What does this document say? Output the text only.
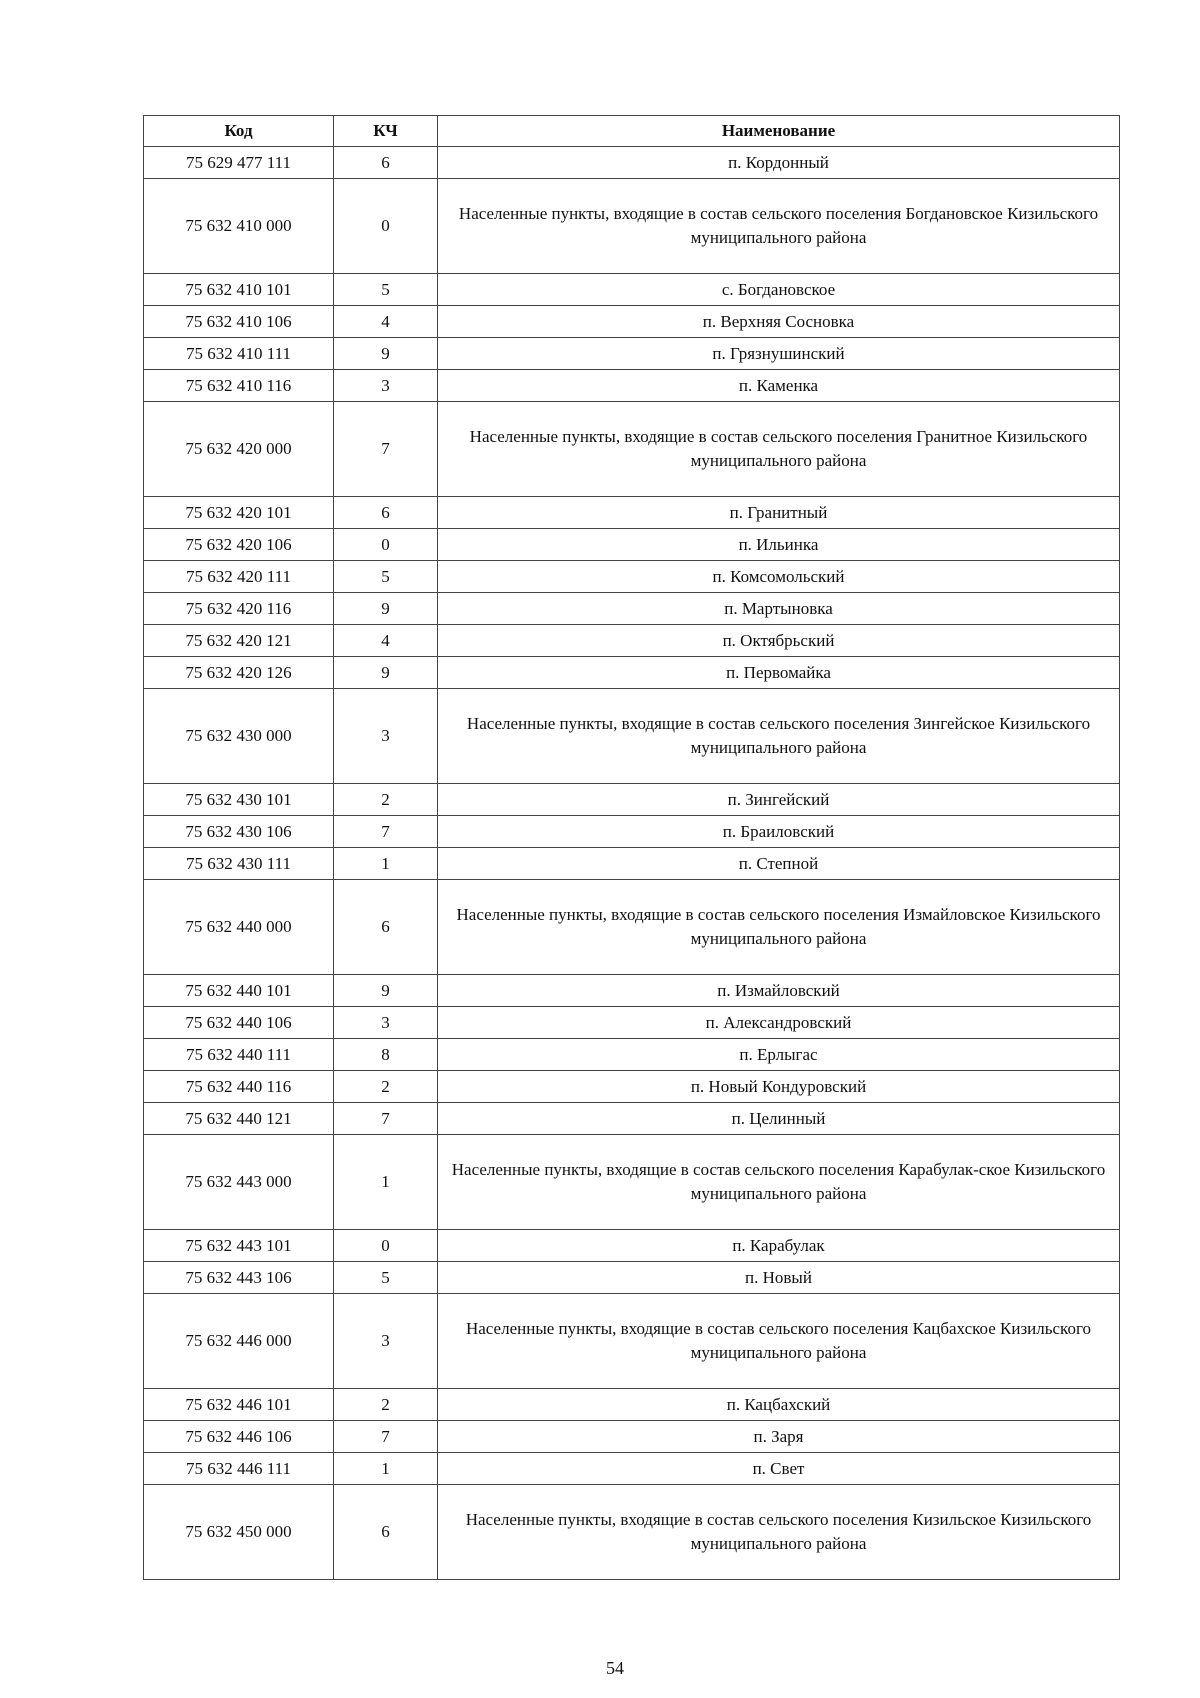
Код	КЧ	Наименование
75 629 477 111	6	п. Кордонный
75 632 410 000	0	Населенные пункты, входящие в состав сельского поселения Богдановское Кизильского муниципального района
75 632 410 101	5	с. Богдановское
75 632 410 106	4	п. Верхняя Сосновка
75 632 410 111	9	п. Грязнушинский
75 632 410 116	3	п. Каменка
75 632 420 000	7	Населенные пункты, входящие в состав сельского поселения Гранитное Кизильского муниципального района
75 632 420 101	6	п. Гранитный
75 632 420 106	0	п. Ильинка
75 632 420 111	5	п. Комсомольский
75 632 420 116	9	п. Мартыновка
75 632 420 121	4	п. Октябрьский
75 632 420 126	9	п. Первомайка
75 632 430 000	3	Населенные пункты, входящие в состав сельского поселения Зингейское Кизильского муниципального района
75 632 430 101	2	п. Зингейский
75 632 430 106	7	п. Браиловский
75 632 430 111	1	п. Степной
75 632 440 000	6	Населенные пункты, входящие в состав сельского поселения Измайловское Кизильского муниципального района
75 632 440 101	9	п. Измайловский
75 632 440 106	3	п. Александровский
75 632 440 111	8	п. Ерлыгас
75 632 440 116	2	п. Новый Кондуровский
75 632 440 121	7	п. Целинный
75 632 443 000	1	Населенные пункты, входящие в состав сельского поселения Карабулак-ское Кизильского муниципального района
75 632 443 101	0	п. Карабулак
75 632 443 106	5	п. Новый
75 632 446 000	3	Населенные пункты, входящие в состав сельского поселения Кацбахское Кизильского муниципального района
75 632 446 101	2	п. Кацбахский
75 632 446 106	7	п. Заря
75 632 446 111	1	п. Свет
75 632 450 000	6	Населенные пункты, входящие в состав сельского поселения Кизильское Кизильского муниципального района
54
